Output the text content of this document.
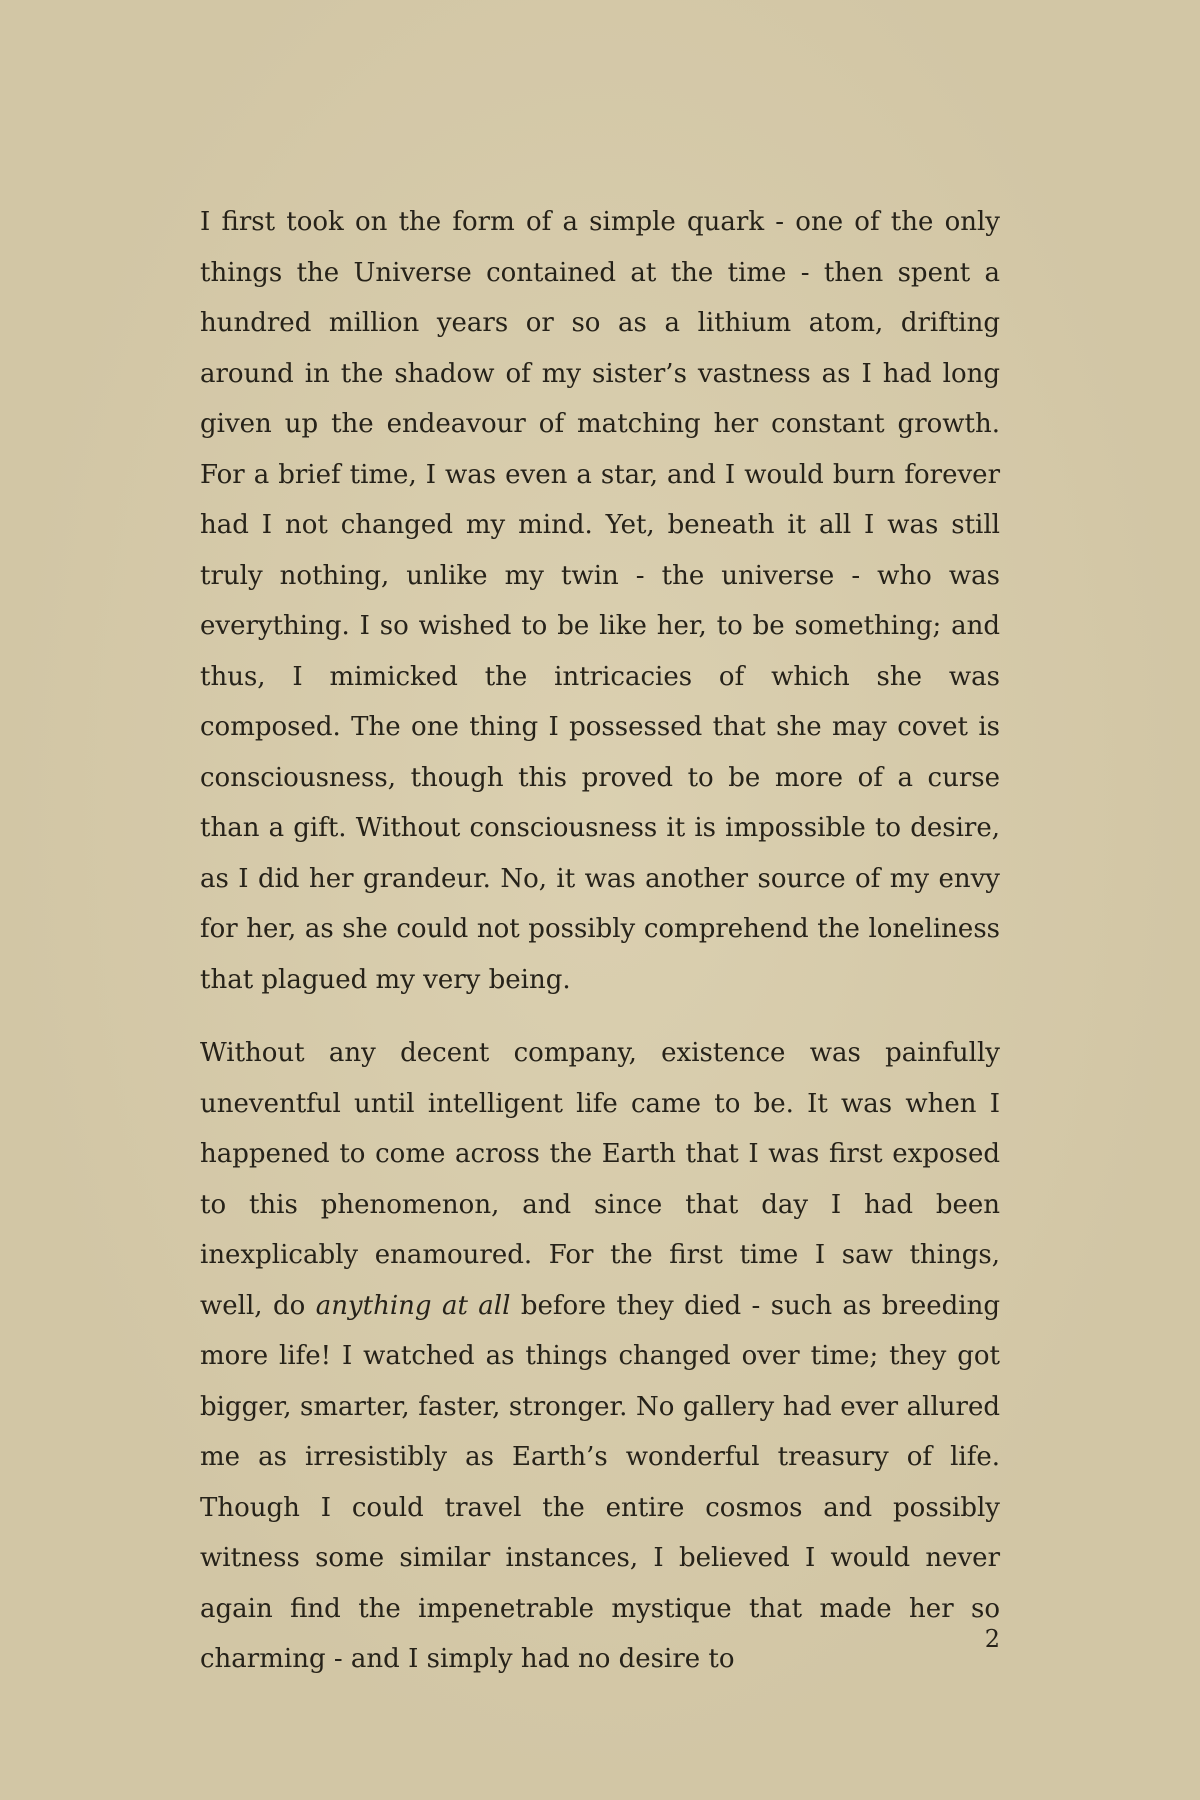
I first took on the form of a simple quark - one of the only things the Universe contained at the time - then spent a hundred million years or so as a lithium atom, drifting around in the shadow of my sister’s vastness as I had long given up the endeavour of matching her constant growth. For a brief time, I was even a star, and I would burn forever had I not changed my mind. Yet, beneath it all I was still truly nothing, unlike my twin - the universe - who was everything. I so wished to be like her, to be something; and thus, I mimicked the intricacies of which she was composed. The one thing I possessed that she may covet is consciousness, though this proved to be more of a curse than a gift. Without consciousness it is impossible to desire, as I did her grandeur. No, it was another source of my envy for her, as she could not possibly comprehend the loneliness that plagued my very being.

Without any decent company, existence was painfully uneventful until intelligent life came to be. It was when I happened to come across the Earth that I was first exposed to this phenomenon, and since that day I had been inexplicably enamoured. For the first time I saw things, well, do anything at all before they died - such as breeding more life! I watched as things changed over time; they got bigger, smarter, faster, stronger. No gallery had ever allured me as irresistibly as Earth’s wonderful treasury of life. Though I could travel the entire cosmos and possibly witness some similar instances, I believed I would never again find the impenetrable mystique that made her so charming - and I simply had no desire to

2
